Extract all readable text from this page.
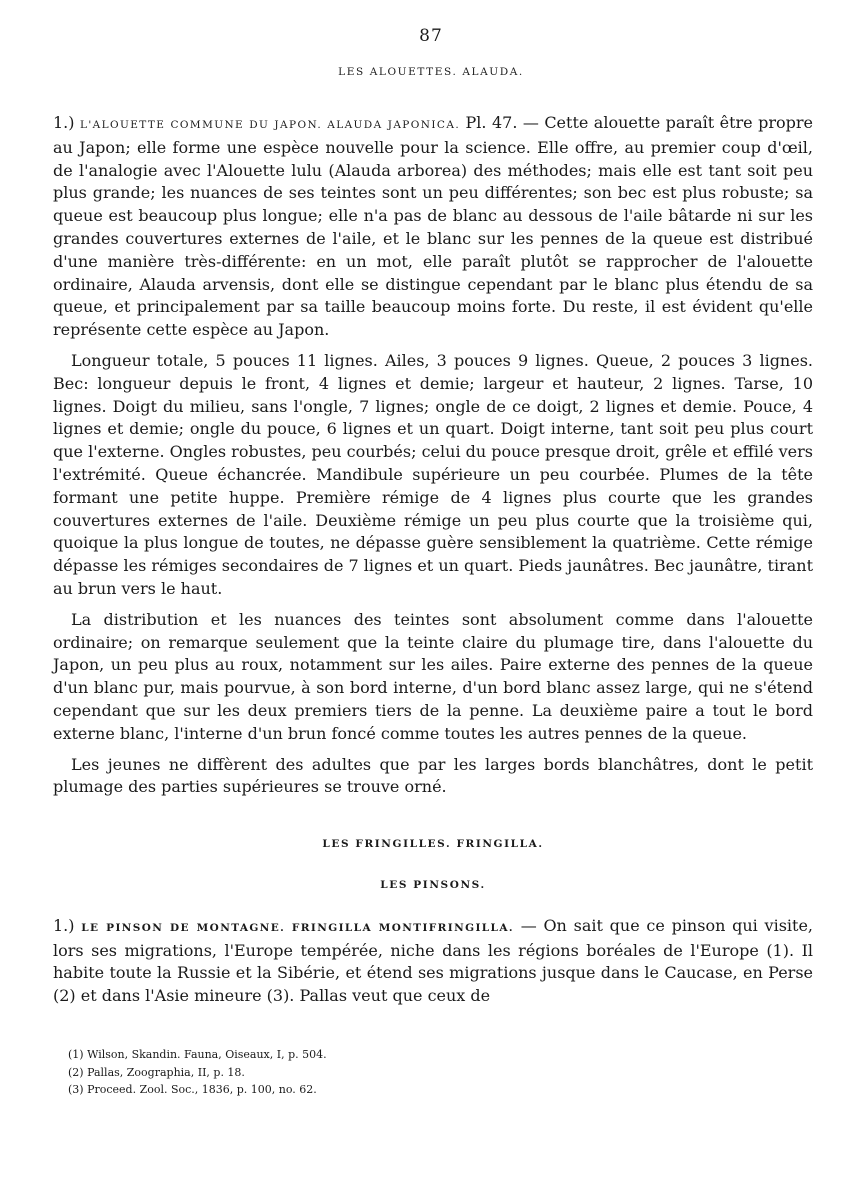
87
LES ALOUETTES. ALAUDA.

1.) L'ALOUETTE COMMUNE DU JAPON. ALAUDA JAPONICA. Pl. 47. — Cette alouette paraît être propre au Japon; elle forme une espèce nouvelle pour la science. Elle offre, au premier coup d'œil, de l'analogie avec l'Alouette lulu (Alauda arborea) des méthodes; mais elle est tant soit peu plus grande; les nuances de ses teintes sont un peu différentes; son bec est plus robuste; sa queue est beaucoup plus longue; elle n'a pas de blanc au dessous de l'aile bâtarde ni sur les grandes couvertures externes de l'aile, et le blanc sur les pennes de la queue est distribué d'une manière très-différente: en un mot, elle paraît plutôt se rapprocher de l'alouette ordinaire, Alauda arvensis, dont elle se distingue cependant par le blanc plus étendu de sa queue, et principalement par sa taille beaucoup moins forte. Du reste, il est évident qu'elle représente cette espèce au Japon.

Longueur totale, 5 pouces 11 lignes. Ailes, 3 pouces 9 lignes. Queue, 2 pouces 3 lignes. Bec: longueur depuis le front, 4 lignes et demie; largeur et hauteur, 2 lignes. Tarse, 10 lignes. Doigt du milieu, sans l'ongle, 7 lignes; ongle de ce doigt, 2 lignes et demie. Pouce, 4 lignes et demie; ongle du pouce, 6 lignes et un quart. Doigt interne, tant soit peu plus court que l'externe. Ongles robustes, peu courbés; celui du pouce presque droit, grêle et effilé vers l'extrémité. Queue échancrée. Mandibule supérieure un peu courbée. Plumes de la tête formant une petite huppe. Première rémige de 4 lignes plus courte que les grandes couvertures externes de l'aile. Deuxième rémige un peu plus courte que la troisième qui, quoique la plus longue de toutes, ne dépasse guère sensiblement la quatrième. Cette rémige dépasse les rémiges secondaires de 7 lignes et un quart. Pieds jaunâtres. Bec jaunâtre, tirant au brun vers le haut.

La distribution et les nuances des teintes sont absolument comme dans l'alouette ordinaire; on remarque seulement que la teinte claire du plumage tire, dans l'alouette du Japon, un peu plus au roux, notamment sur les ailes. Paire externe des pennes de la queue d'un blanc pur, mais pourvue, à son bord interne, d'un bord blanc assez large, qui ne s'étend cependant que sur les deux premiers tiers de la penne. La deuxième paire a tout le bord externe blanc, l'interne d'un brun foncé comme toutes les autres pennes de la queue.

Les jeunes ne diffèrent des adultes que par les larges bords blanchâtres, dont le petit plumage des parties supérieures se trouve orné.

LES FRINGILLES. FRINGILLA.
LES PINSONS.

1.) LE PINSON DE MONTAGNE. FRINGILLA MONTIFRINGILLA. — On sait que ce pinson qui visite, lors ses migrations, l'Europe tempérée, niche dans les régions boréales de l'Europe (1). Il habite toute la Russie et la Sibérie, et étend ses migrations jusque dans le Caucase, en Perse (2) et dans l'Asie mineure (3). Pallas veut que ceux de

(1) Wilson, Skandin. Fauna, Oiseaux, I, p. 504.
(2) Pallas, Zoographia, II, p. 18.
(3) Proceed. Zool. Soc., 1836, p. 100, no. 62.
